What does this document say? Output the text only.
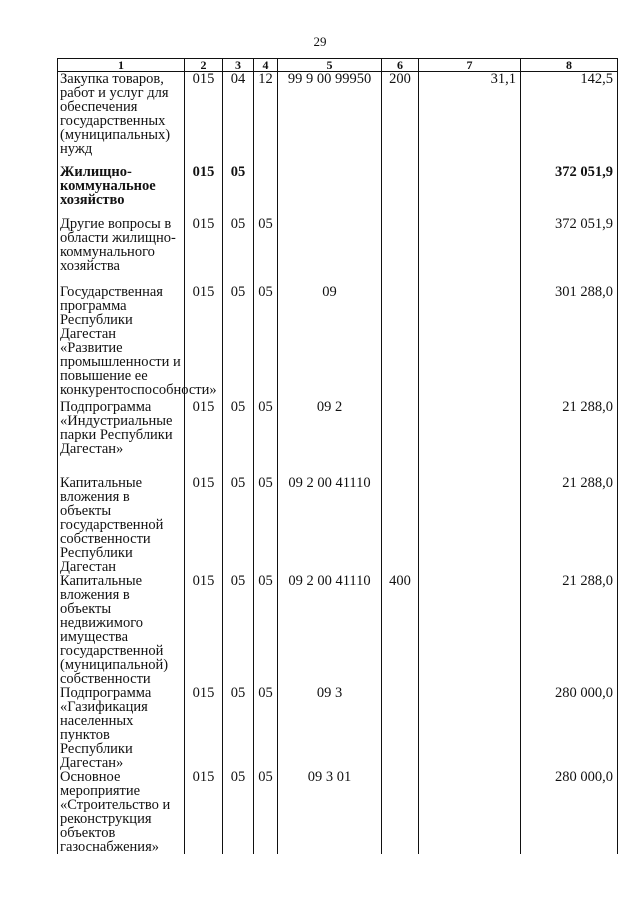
29
1	2	3	4	5	6	7	8
Закупка товаров, работ и услуг для обеспечения государственных (муниципальных) нужд	015	04	12	99 9 00 99950	200	31,1	142,5
Жилищно-коммунальное хозяйство	015	05					372 051,9
Другие вопросы в области жилищно-коммунального хозяйства	015	05	05				372 051,9
Государственная программа Республики Дагестан «Развитие промышленности и повышение ее конкурентоспособности»	015	05	05	09			301 288,0
Подпрограмма «Индустриальные парки Республики Дагестан»	015	05	05	09 2			21 288,0
Капитальные вложения в объекты государственной собственности Республики Дагестан	015	05	05	09 2 00 41110			21 288,0
Капитальные вложения в объекты недвижимого имущества государственной (муниципальной) собственности	015	05	05	09 2 00 41110	400		21 288,0
Подпрограмма «Газификация населенных пунктов Республики Дагестан»	015	05	05	09 3			280 000,0
Основное мероприятие «Строительство и реконструкция объектов газоснабжения»	015	05	05	09 3 01			280 000,0
